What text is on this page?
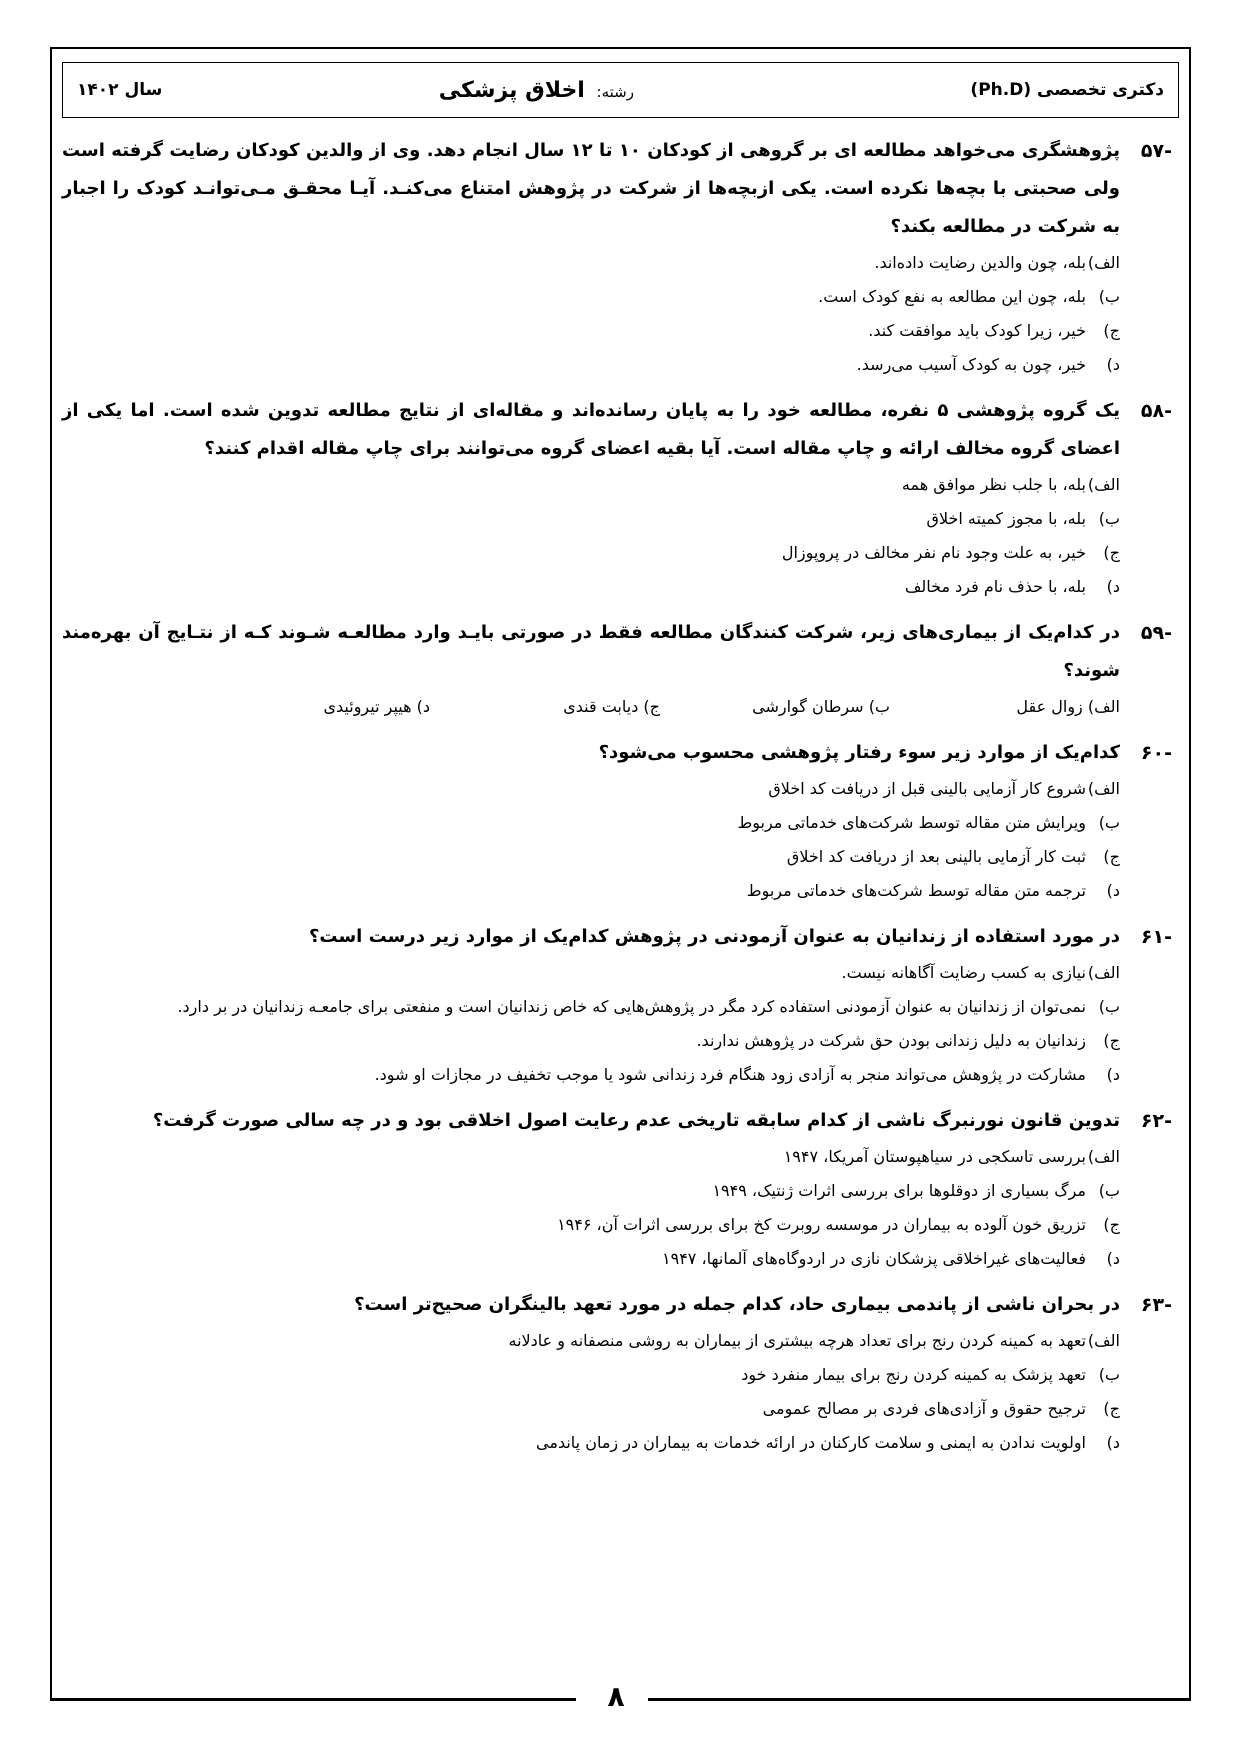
دکتری تخصصی (Ph.D)
رشته: اخلاق پزشکی
سال ۱۴۰۲
-۵۷
پژوهشگری می‌خواهد مطالعه ای بر گروهی از کودکان ۱۰ تا ۱۲ سال انجام دهد. وی از والدین کودکان رضایت گرفته است ولی صحبتی با بچه‌ها نکرده است. یکی ازبچه‌ها از شرکت در پژوهش امتناع می‌کنـد. آیـا محقـق مـی‌توانـد کودک را اجبار به شرکت در مطالعه بکند؟
الف)
بله، چون والدین رضایت داده‌اند.
ب)
بله، چون این مطالعه به نفع کودک است.
ج)
خیر، زیرا کودک باید موافقت کند.
د)
خیر، چون به کودک آسیب می‌رسد.
-۵۸
یک گروه پژوهشی ۵ نفره، مطالعه خود را به پایان رسانده‌اند و مقاله‌ای از نتایج مطالعه تدوین شده است. اما یکی از اعضای گروه مخالف ارائه و چاپ مقاله است. آیا بقیه اعضای گروه می‌توانند برای چاپ مقاله اقدام کنند؟
الف)
بله، با جلب نظر موافق همه
ب)
بله، با مجوز کمیته اخلاق
ج)
خیر، به علت وجود نام نفر مخالف در پروپوزال
د)
بله، با حذف نام فرد مخالف
-۵۹
در کدام‌یک از بیماری‌های زیر، شرکت کنندگان مطالعه فقط در صورتی بایـد وارد مطالعـه شـوند کـه از نتـایج آن بهره‌مند شوند؟
الف) زوال عقل
ب) سرطان گوارشی
ج) دیابت قندی
د) هیپر تیروئیدی
-۶۰
کدام‌یک از موارد زیر سوء رفتار پژوهشی محسوب می‌شود؟
الف)
شروع کار آزمایی بالینی قبل از دریافت کد اخلاق
ب)
ویرایش متن مقاله توسط شرکت‌های خدماتی مربوط
ج)
ثبت کار آزمایی بالینی بعد از دریافت کد اخلاق
د)
ترجمه متن مقاله توسط شرکت‌های خدماتی مربوط
-۶۱
در مورد استفاده از زندانیان به عنوان آزمودنی در پژوهش کدام‌یک از موارد زیر درست است؟
الف)
نیازی به کسب رضایت آگاهانه نیست.
ب)
نمی‌توان از زندانیان به عنوان آزمودنی استفاده کرد مگر در پژوهش‌هایی که خاص زندانیان است و منفعتی برای جامعـه زندانیان در بر دارد.
ج)
زندانیان به دلیل زندانی بودن حق شرکت در پژوهش ندارند.
د)
مشارکت در پژوهش می‌تواند منجر به آزادی زود هنگام فرد زندانی شود یا موجب تخفیف در مجازات او شود.
-۶۲
تدوین قانون نورنبرگ ناشی از کدام سابقه تاریخی عدم رعایت اصول اخلاقی بود و در چه سالی صورت گرفت؟
الف)
بررسی تاسکجی در سیاهپوستان آمریکا، ۱۹۴۷
ب)
مرگ بسیاری از دوقلوها برای بررسی اثرات ژنتیک، ۱۹۴۹
ج)
تزریق خون آلوده به بیماران در موسسه روبرت کخ برای بررسی اثرات آن، ۱۹۴۶
د)
فعالیت‌های غیراخلاقی پزشکان نازی در اردوگاه‌های آلمانها، ۱۹۴۷
-۶۳
در بحران ناشی از پاندمی بیماری حاد، کدام جمله در مورد تعهد بالینگران صحیح‌تر است؟
الف)
تعهد به کمینه کردن رنج برای تعداد هرچه بیشتری از بیماران به روشی منصفانه و عادلانه
ب)
تعهد پزشک به کمینه کردن رنج برای بیمار منفرد خود
ج)
ترجیح حقوق و آزادی‌های فردی بر مصالح عمومی
د)
اولویت ندادن به ایمنی و سلامت کارکنان در ارائه خدمات به بیماران در زمان پاندمی
۸
